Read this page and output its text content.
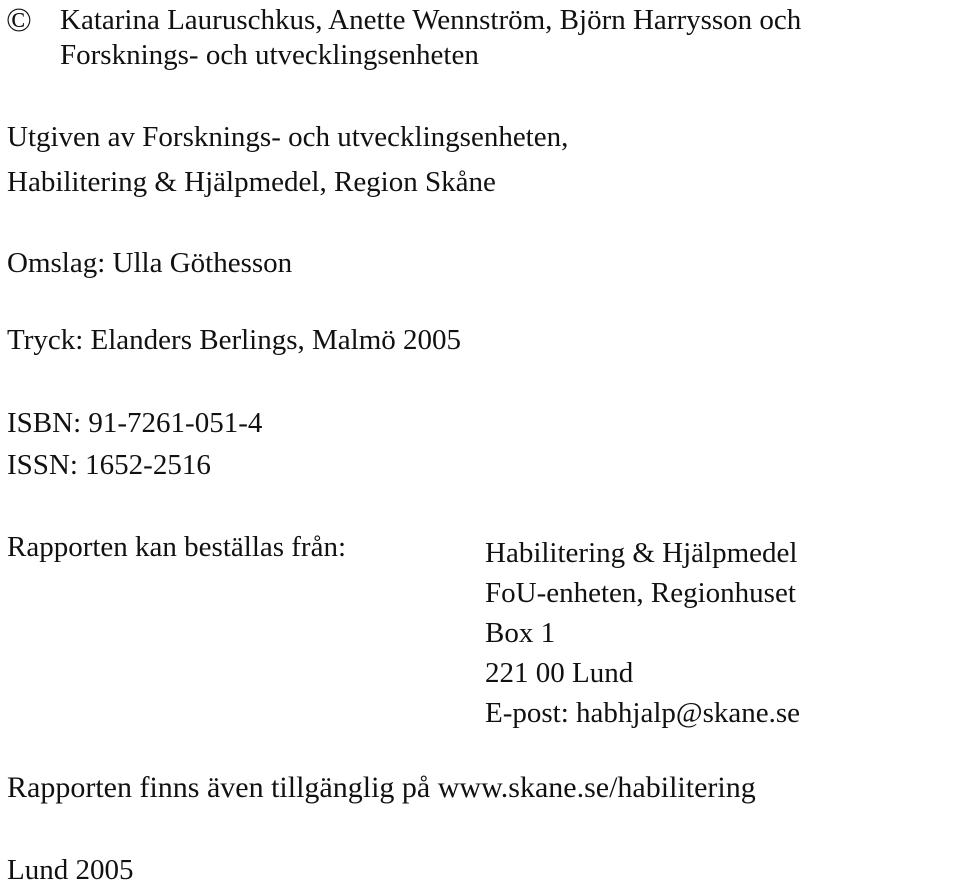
© Katarina Lauruschkus, Anette Wennström, Björn Harrysson och
Forsknings- och utvecklingsenheten
Utgiven av Forsknings- och utvecklingsenheten,
Habilitering & Hjälpmedel, Region Skåne
Omslag: Ulla Göthesson
Tryck: Elanders Berlings, Malmö 2005
ISBN: 91-7261-051-4
ISSN: 1652-2516
Rapporten kan beställas från:	Habilitering & Hjälpmedel
FoU-enheten, Regionhuset
Box 1
221 00 Lund
E-post: habhjalp@skane.se
Rapporten finns även tillgänglig på www.skane.se/habilitering
Lund 2005
